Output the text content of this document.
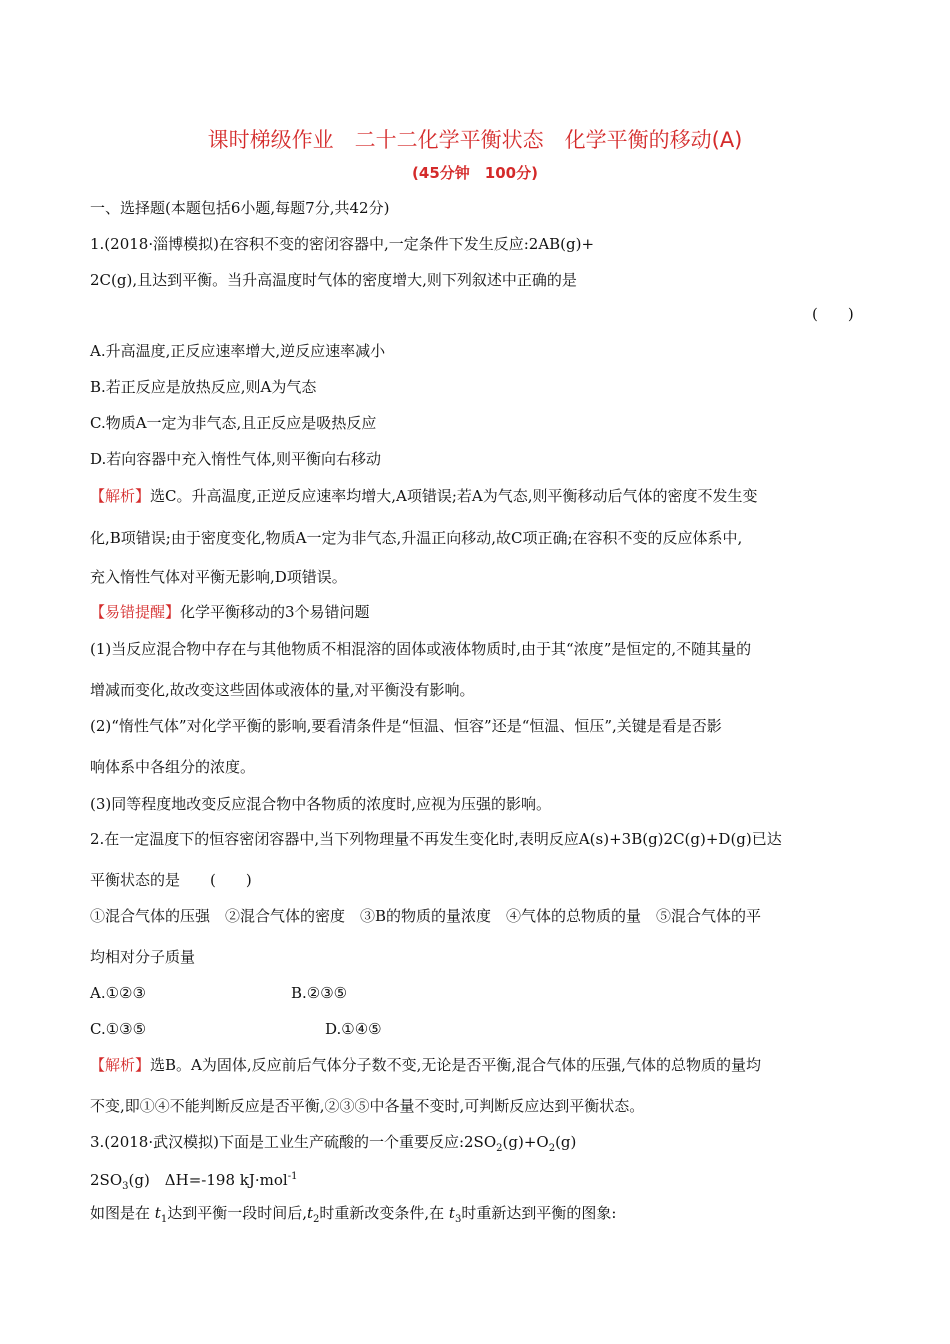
课时梯级作业　二十二化学平衡状态　化学平衡的移动(A)
(45分钟　100分)
一、选择题(本题包括6小题,每题7分,共42分)
1.(2018·淄博模拟)在容积不变的密闭容器中,一定条件下发生反应:2AB(g)+
2C(g),且达到平衡。当升高温度时气体的密度增大,则下列叙述中正确的是
(　　)
A.升高温度,正反应速率增大,逆反应速率减小
B.若正反应是放热反应,则A为气态
C.物质A一定为非气态,且正反应是吸热反应
D.若向容器中充入惰性气体,则平衡向右移动
【解析】选C。升高温度,正逆反应速率均增大,A项错误;若A为气态,则平衡移动后气体的密度不发生变
化,B项错误;由于密度变化,物质A一定为非气态,升温正向移动,故C项正确;在容积不变的反应体系中,
充入惰性气体对平衡无影响,D项错误。
【易错提醒】化学平衡移动的3个易错问题
(1)当反应混合物中存在与其他物质不相混溶的固体或液体物质时,由于其“浓度”是恒定的,不随其量的
增减而变化,故改变这些固体或液体的量,对平衡没有影响。
(2)“惰性气体”对化学平衡的影响,要看清条件是“恒温、恒容”还是“恒温、恒压”,关键是看是否影
响体系中各组分的浓度。
(3)同等程度地改变反应混合物中各物质的浓度时,应视为压强的影响。
2.在一定温度下的恒容密闭容器中,当下列物理量不再发生变化时,表明反应A(s)+3B(g)2C(g)+D(g)已达
平衡状态的是　　(　　)
①混合气体的压强　②混合气体的密度　③B的物质的量浓度　④气体的总物质的量　⑤混合气体的平
均相对分子质量
A.①②③	B.②③⑤
C.①③⑤	D.①④⑤
【解析】选B。A为固体,反应前后气体分子数不变,无论是否平衡,混合气体的压强,气体的总物质的量均
不变,即①④不能判断反应是否平衡,②③⑤中各量不变时,可判断反应达到平衡状态。
3.(2018·武汉模拟)下面是工业生产硫酸的一个重要反应$:2SO_2(g)+O_2(g)$
$2SO_3(g)$　ΔH=-198 kJ·mol$^{-1}$
如图是在 $t_1$达到平衡一段时间后$,t_2$时重新改变条件,在 $t_3$时重新达到平衡的图象:
